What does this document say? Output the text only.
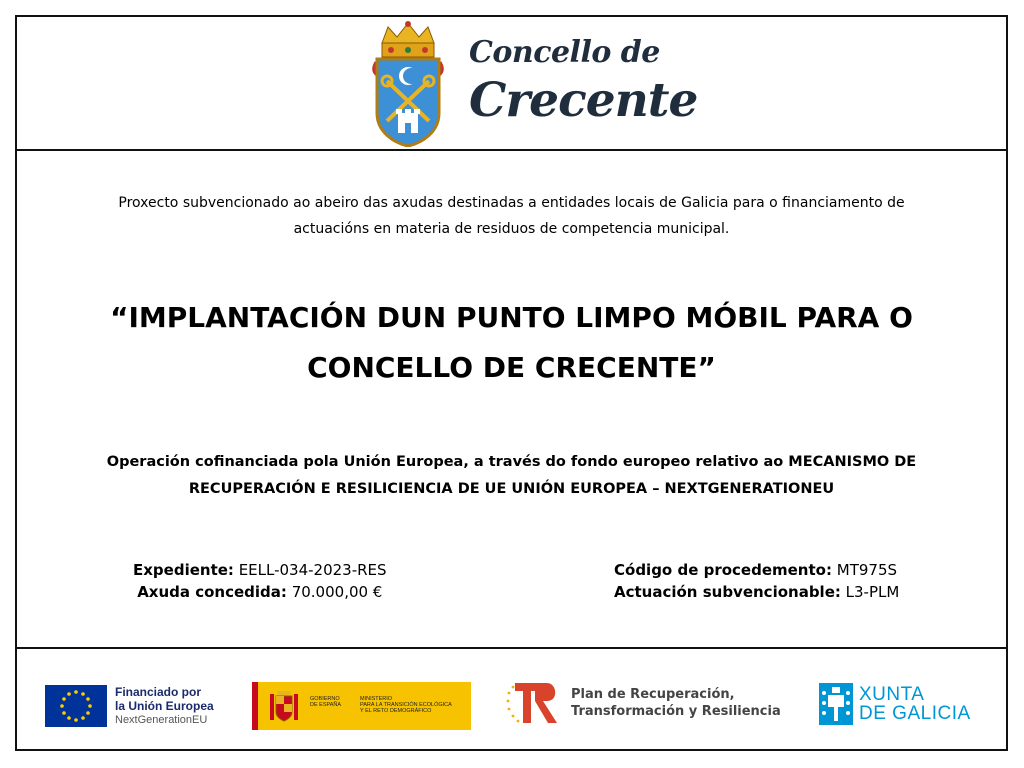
Concello de
Crecente
Proxecto subvencionado ao abeiro das axudas destinadas a entidades locais de Galicia para o financiamento de
actuacións en materia de residuos de competencia municipal.
“IMPLANTACIÓN DUN PUNTO LIMPO MÓBIL PARA O
CONCELLO DE CRECENTE”
Operación cofinanciada pola Unión Europea, a través do fondo europeo relativo ao MECANISMO DE
RECUPERACIÓN E RESILICIENCIA DE UE UNIÓN EUROPEA – NEXTGENERATIONEU
Expediente: EELL-034-2023-RES
Axuda concedida: 70.000,00 €
Código de procedemento: MT975S
Actuación subvencionable: L3-PLM
Financiado por
la Unión Europea
NextGenerationEU
GOBIERNO
DE ESPAÑA
MINISTERIO
PARA LA TRANSICIÓN ECOLÓGICA
Y EL RETO DEMOGRÁFICO
Plan de Recuperación,
Transformación y Resiliencia
XUNTA
DE GALICIA
